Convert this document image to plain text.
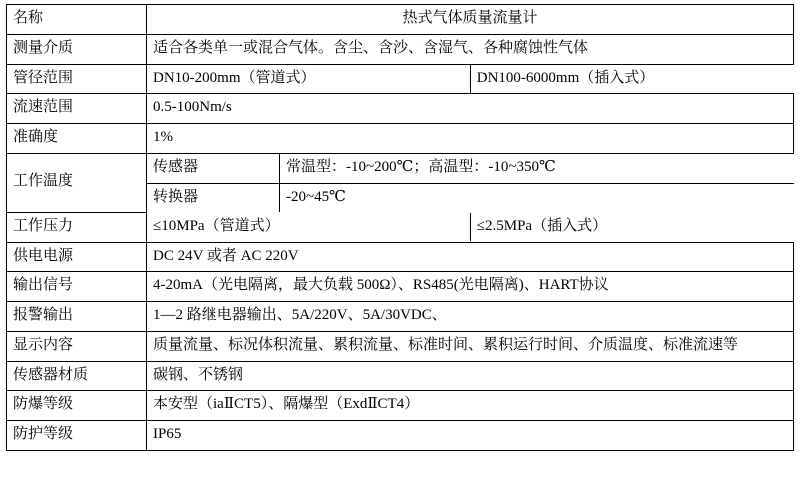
名称	热式气体质量流量计
测量介质	适合各类单一或混合气体。含尘、含沙、含湿气、各种腐蚀性气体
管径范围		DN10-200mm（管道式）	DN100-6000mm（插入式）

流速范围	0.5-100Nm/s
准确度	1%
工作温度	
传感器	常温型：-10~200℃；高温型：-10~350℃
转换器	-20~45℃

工作压力		≤10MPa（管道式）	≤2.5MPa（插入式）

供电电源	DC 24V 或者 AC 220V
输出信号	4-20mA（光电隔离，最大负载 500Ω）、RS485(光电隔离)、HART协议
报警输出	1—2 路继电器输出、5A/220V、5A/30VDC、
显示内容	质量流量、标况体积流量、累积流量、标准时间、累积运行时间、介质温度、标准流速等
传感器材质	碳钢、不锈钢
防爆等级	本安型（iaⅡCT5）、隔爆型（ExdⅡCT4）
防护等级	IP65
